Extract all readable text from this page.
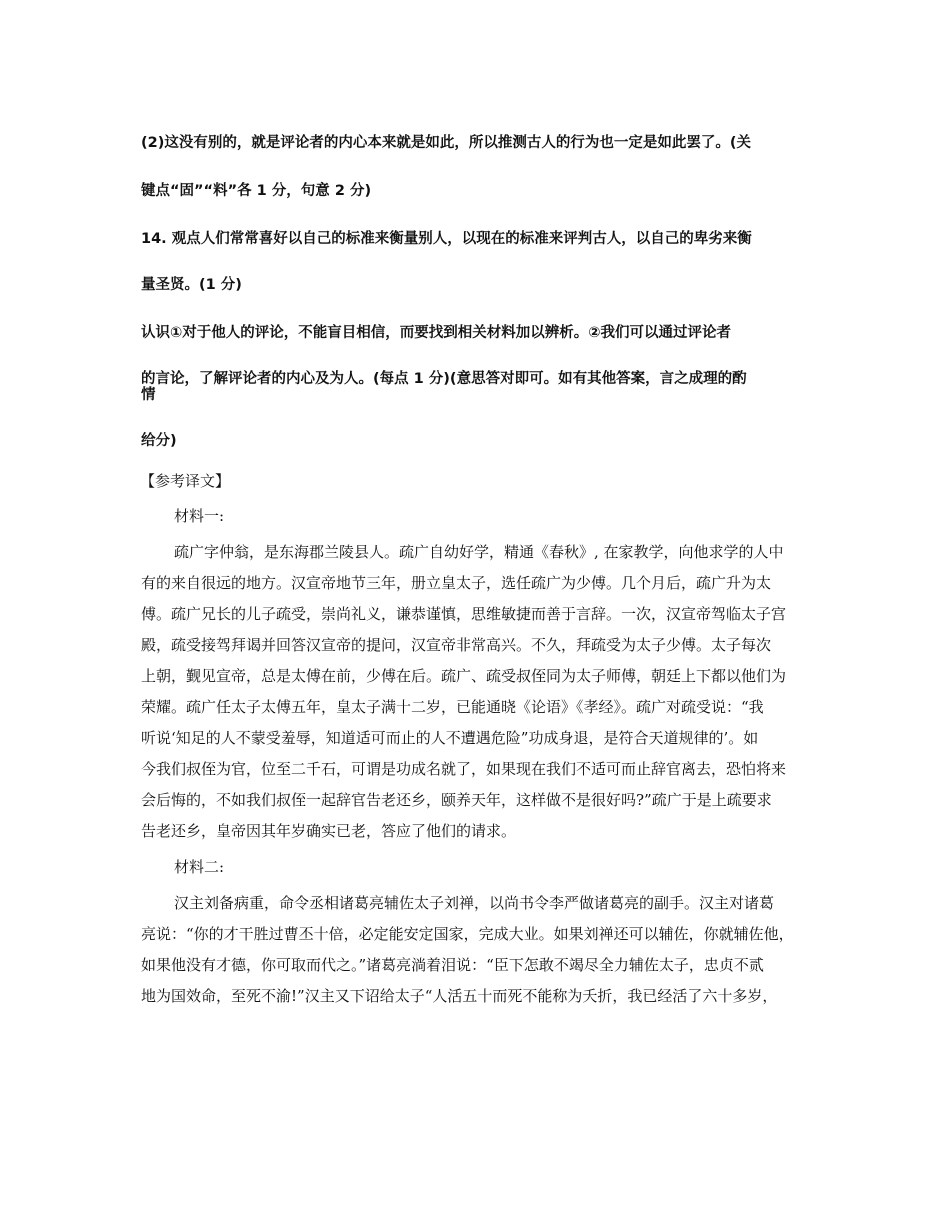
(2)这没有别的，就是评论者的内心本来就是如此，所以推测古人的行为也一定是如此罢了。(关

键点“固”“料”各 1 分，句意 2 分)

14. 观点人们常常喜好以自己的标准来衡量别人，以现在的标准来评判古人，以自己的卑劣来衡

量圣贤。(1 分)

认识①对于他人的评论，不能盲目相信，而要找到相关材料加以辨析。②我们可以通过评论者

的言论，了解评论者的内心及为人。(每点 1 分)(意思答对即可。如有其他答案，言之成理的酌

情

给分)

【参考译文】

材料一:

疏广字仲翁，是东海郡兰陵县人。疏广自幼好学，精通《春秋》, 在家教学，向他求学的人中

有的来自很远的地方。汉宣帝地节三年，册立皇太子，选任疏广为少傅。几个月后，疏广升为太

傅。疏广兄长的儿子疏受，崇尚礼义，谦恭谨慎，思维敏捷而善于言辞。一次，汉宣帝驾临太子宫

殿，疏受接驾拜谒并回答汉宣帝的提问，汉宣帝非常高兴。不久，拜疏受为太子少傅。太子每次

上朝，觐见宣帝，总是太傅在前，少傅在后。疏广、疏受叔侄同为太子师傅，朝廷上下都以他们为

荣耀。疏广任太子太傅五年，皇太子满十二岁，已能通晓《论语》《孝经》。疏广对疏受说：“我

听说‘知足的人不蒙受羞辱，知道适可而止的人不遭遇危险”功成身退，是符合天道规律的’。如

今我们叔侄为官，位至二千石，可谓是功成名就了，如果现在我们不适可而止辞官离去，恐怕将来

会后悔的，不如我们叔侄一起辞官告老还乡，颐养天年，这样做不是很好吗?”疏广于是上疏要求

告老还乡，皇帝因其年岁确实已老，答应了他们的请求。

材料二:

汉主刘备病重，命令丞相诸葛亮辅佐太子刘禅，以尚书令李严做诸葛亮的副手。汉主对诸葛

亮说：“你的才干胜过曹丕十倍，必定能安定国家，完成大业。如果刘禅还可以辅佐，你就辅佐他，

如果他没有才德，你可取而代之。”诸葛亮淌着泪说：“臣下怎敢不竭尽全力辅佐太子，忠贞不贰

地为国效命，至死不渝!”汉主又下诏给太子“人活五十而死不能称为夭折，我已经活了六十多岁，
